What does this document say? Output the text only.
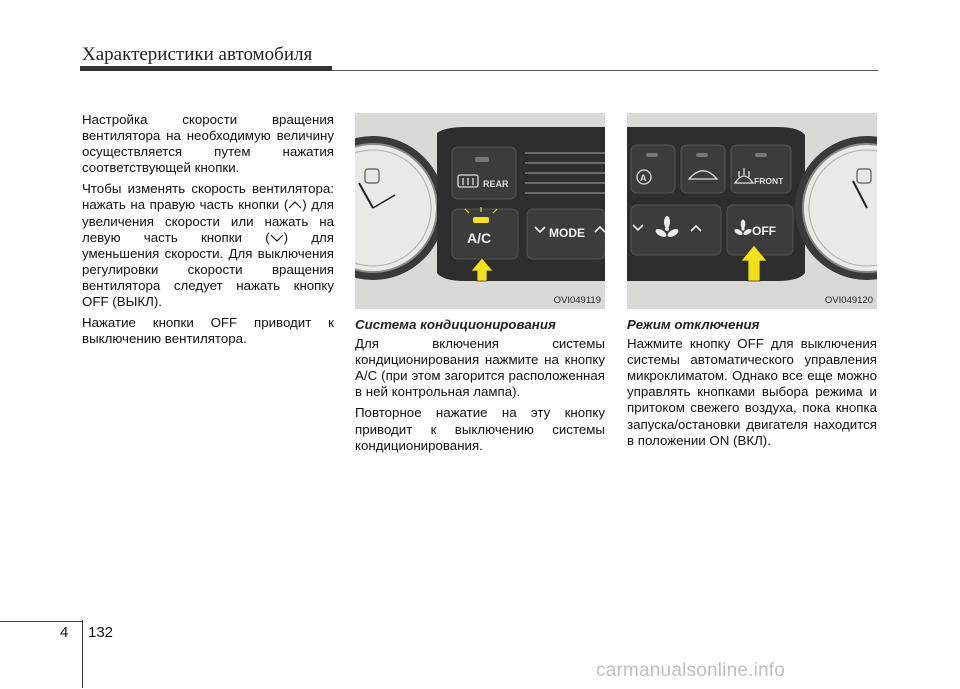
Характеристики автомобиля

Настройка скорости вращения вентилятора на необходимую величину осуществляется путем нажатия соответствующей кнопки.

Чтобы изменять скорость вентилятора: нажать на правую часть кнопки ( ) для увеличения скорости или нажать на левую часть кнопки ( ) для уменьшения скорости. Для выключения регулировки скорости вращения вентилятора следует нажать кнопку OFF (ВЫКЛ).

Нажатие кнопки OFF приводит к выключению вентилятора.

REAR
A/C	MODE
OVI049119
A	FRONT
OFF
OVI049120
Система кондиционирования

Для включения системы кондиционирования нажмите на кнопку A/C (при этом загорится расположенная в ней контрольная лампа).

Повторное нажатие на эту кнопку приводит к выключению системы кондиционирования.

Режим отключения

Нажмите кнопку OFF для выключения системы автоматического управления микроклиматом. Однако все еще можно управлять кнопками выбора режима и притоком свежего воздуха, пока кнопка запуска/остановки двигателя находится в положении ON (ВКЛ).

4 132
carmanualsonline.info
